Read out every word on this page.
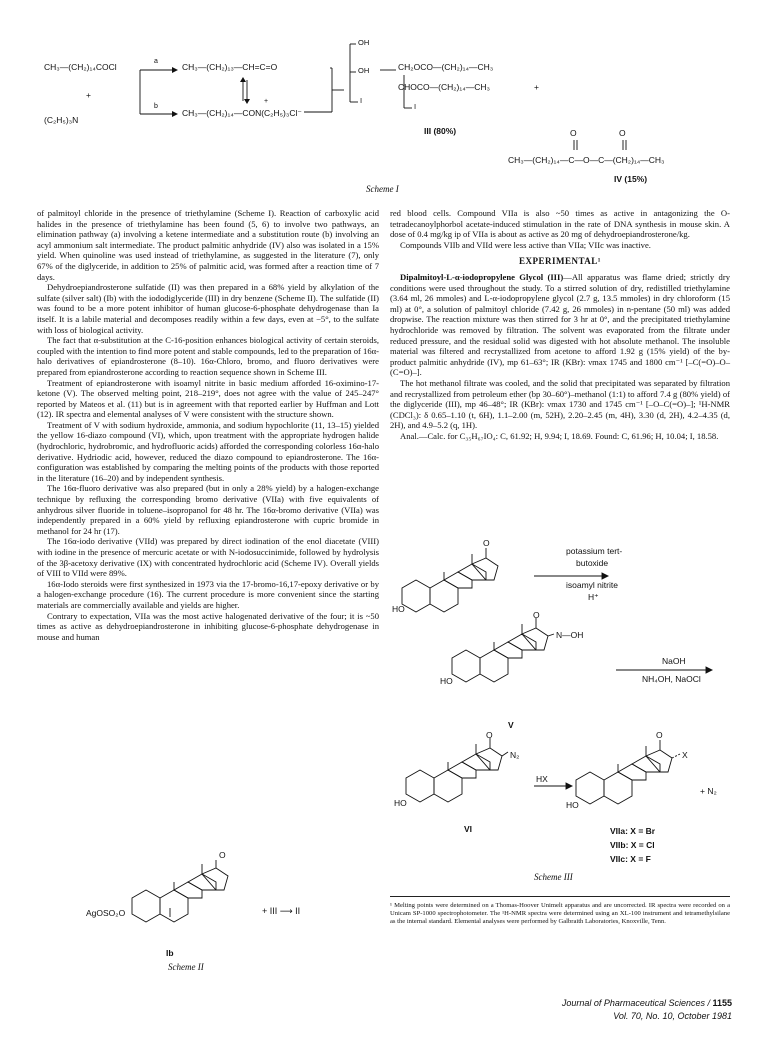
CH₃—(CH₂)₁₄COCl
+
(C₂H₅)₃N
a
b
CH₃—(CH₂)₁₃—CH=C=O
CH₃—(CH₂)₁₄—CON(C₂H₅)₃Cl⁻
+
OH
OH
I
CH₂OCO—(CH₂)₁₄—CH₃
CHOCO—(CH₂)₁₄—CH₃	+
I
III (80%)	O	O
CH₃—(CH₂)₁₄—C—O—C—(CH₂)₁₄—CH₃
IV (15%)
Scheme I

of palmitoyl chloride in the presence of triethylamine (Scheme I). Reaction of carboxylic acid halides in the presence of triethylamine has been found (5, 6) to involve two pathways, an elimination pathway (a) involving a ketene intermediate and a substitution route (b) involving an acyl ammonium salt intermediate. The product palmitic anhydride (IV) also was isolated in a 15% yield. When quinoline was used instead of triethylamine, as suggested in the literature (7), only 67% of the diglyceride, in addition to 25% of palmitic acid, was formed after a reaction time of 7 days.

Dehydroepiandrosterone sulfatide (II) was then prepared in a 68% yield by alkylation of the sulfate (silver salt) (Ib) with the iododiglyceride (III) in dry benzene (Scheme II). The sulfatide (II) was found to be a more potent inhibitor of human glucose-6-phosphate dehydrogenase than Ia itself. It is a labile material and decomposes readily within a few days, even at −5°, to the sulfate with loss of biological activity.

The fact that α-substitution at the C-16-position enhances biological activity of certain steroids, coupled with the intention to find more potent and stable compounds, led to the preparation of 16α-halo derivatives of epiandrosterone (8–10). 16α-Chloro, bromo, and fluoro derivatives were prepared from epiandrosterone according to reaction sequence shown in Scheme III.

Treatment of epiandrosterone with isoamyl nitrite in basic medium afforded 16-oximino-17-ketone (V). The observed melting point, 218–219°, does not agree with the value of 245–247° reported by Mateos et al. (11) but is in agreement with that reported earlier by Huffman and Lott (12). IR spectra and elemental analyses of V were consistent with the structure shown.

Treatment of V with sodium hydroxide, ammonia, and sodium hypochlorite (11, 13–15) yielded the yellow 16-diazo compound (VI), which, upon treatment with the appropriate hydrogen halide (hydrochloric, hydrobromic, and hydrofluoric acids) afforded the corresponding colorless 16α-halo derivative. Hydriodic acid, however, reduced the diazo compound to epiandrosterone. The 16α-configuration was established by comparing the melting points of the products with those reported in the literature (16–20) and by independent synthesis.

The 16α-fluoro derivative was also prepared (but in only a 28% yield) by a halogen-exchange technique by refluxing the corresponding bromo derivative (VIIa) with five equivalents of anhydrous silver fluoride in toluene–isopropanol for 48 hr. The 16α-bromo derivative (VIIa) was independently prepared in a 60% yield by refluxing epiandrosterone with cupric bromide in methanol for 24 hr (17).

The 16α-iodo derivative (VIId) was prepared by direct iodination of the enol diacetate (VIII) with iodine in the presence of mercuric acetate or with N-iodosuccinimide, followed by hydrolysis of the 3β-acetoxy derivative (IX) with concentrated hydrochloric acid (Scheme IV). Overall yields of VIII to VIId were 89%.

16α-Iodo steroids were first synthesized in 1973 via the 17-bromo-16,17-epoxy derivative or by a halogen-exchange procedure (16). The current procedure is more convenient since the starting materials are commercially available and yields are higher.

Contrary to expectation, VIIa was the most active halogenated derivative of the four; it is ~50 times as active as dehydroepiandrosterone in inhibiting glucose-6-phosphate dehydrogenase in mouse and human

O
AgOSO₂O	+ III ⟶ II
Ib
Scheme II

red blood cells. Compound VIIa is also ~50 times as active in antagonizing the O-tetradecanoylphorbol acetate-induced stimulation in the rate of DNA synthesis in mouse skin. A dose of 0.4 mg/kg ip of VIIa is about as active as 20 mg of dehydroepiandrosterone/kg.

Compounds VIIb and VIId were less active than VIIa; VIIc was inactive.

EXPERIMENTAL¹

Dipalmitoyl-L-α-iodopropylene Glycol (III)—All apparatus was flame dried; strictly dry conditions were used throughout the study. To a stirred solution of dry, redistilled triethylamine (3.64 ml, 26 mmoles) and L-α-iodopropylene glycol (2.7 g, 13.5 mmoles) in dry chloroform (15 ml) at 0°, a solution of palmitoyl chloride (7.42 g, 26 mmoles) in n-pentane (50 ml) was added dropwise. The reaction mixture was then stirred for 3 hr at 0°, and the precipitated triethylamine hydrochloride was removed by filtration. The solvent was evaporated from the filtrate under reduced pressure, and the residual solid was digested with hot absolute methanol. The insoluble material was filtered and recrystallized from acetone to afford 1.92 g (15% yield) of the by-product palmitic anhydride (IV), mp 61–63°; IR (KBr): νmax 1745 and 1800 cm⁻¹ [–C(=O)–O–(C=O)–].

The hot methanol filtrate was cooled, and the solid that precipitated was separated by filtration and recrystallized from petroleum ether (bp 30–60°)–methanol (1:1) to afford 7.4 g (80% yield) of the diglyceride (III), mp 46–48°; IR (KBr): νmax 1730 and 1745 cm⁻¹ [–O–C(=O)–]; ¹H-NMR (CDCl₃): δ 0.65–1.10 (t, 6H), 1.1–2.00 (m, 52H), 2.20–2.45 (m, 4H), 3.30 (d, 2H), 4.2–4.35 (d, 2H), and 4.9–5.2 (q, 1H).

Anal.—Calc. for C₃₅H₆₇IO₄: C, 61.92; H, 9.94; I, 18.69. Found: C, 61.96; H, 10.04; I, 18.58.

O
HO
potassium tert-
butoxide
isoamyl nitrite
H⁺
O
N—OH
HO
V
NaOH
NH₄OH, NaOCl
O
N₂
HO
VI
HX
O
X
HO
+ N₂
VIIa: X = Br
VIIb: X = Cl
VIIc: X = F
Scheme III
¹ Melting points were determined on a Thomas-Hoover Unimelt apparatus and are uncorrected. IR spectra were recorded on a Unicam SP-1000 spectrophotometer. The ¹H-NMR spectra were determined using an XL-100 instrument and tetramethylsilane as the internal standard. Elemental analyses were performed by Galbraith Laboratories, Knoxville, Tenn.
Journal of Pharmaceutical Sciences / 1155
Vol. 70, No. 10, October 1981
